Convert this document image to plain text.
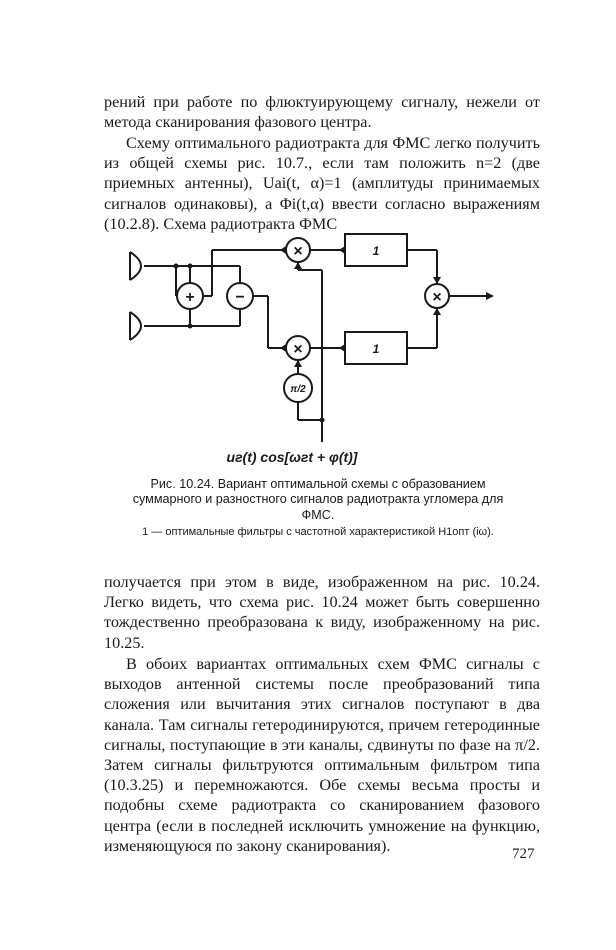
рений при работе по флюктуирующему сигналу, нежели от метода сканирования фазового центра.

Схему оптимального радиотракта для ФМС легко получить из общей схемы рис. 10.7., если там положить n=2 (две приемных антенны), Uai(t, α)=1 (амплитуды принимаемых сигналов одинаковы), а Φi(t,α) ввести согласно выражениям (10.2.8). Схема радиотракта ФМС

+	−
×
×
×
1
1
π/2
uг(t) cos[ωгt + φ(t)]

Рис. 10.24. Вариант оптимальной схемы с образованием суммарного и разностного сигналов радиотракта угломера для ФМС.

1 — оптимальные фильтры с частотной характеристикой H1опт (iω).

получается при этом в виде, изображенном на рис. 10.24. Легко видеть, что схема рис. 10.24 может быть совершенно тождественно преобразована к виду, изображенному на рис. 10.25.

В обоих вариантах оптимальных схем ФМС сигналы с выходов антенной системы после преобразований типа сложения или вычитания этих сигналов поступают в два канала. Там сигналы гетеродинируются, причем гетеродинные сигналы, поступающие в эти каналы, сдвинуты по фазе на π/2. Затем сигналы фильтруются оптимальным фильтром типа (10.3.25) и перемножаются. Обе схемы весьма просты и подобны схеме радиотракта со сканированием фазового центра (если в последней исключить умножение на функцию, изменяющуюся по закону сканирования).	727
